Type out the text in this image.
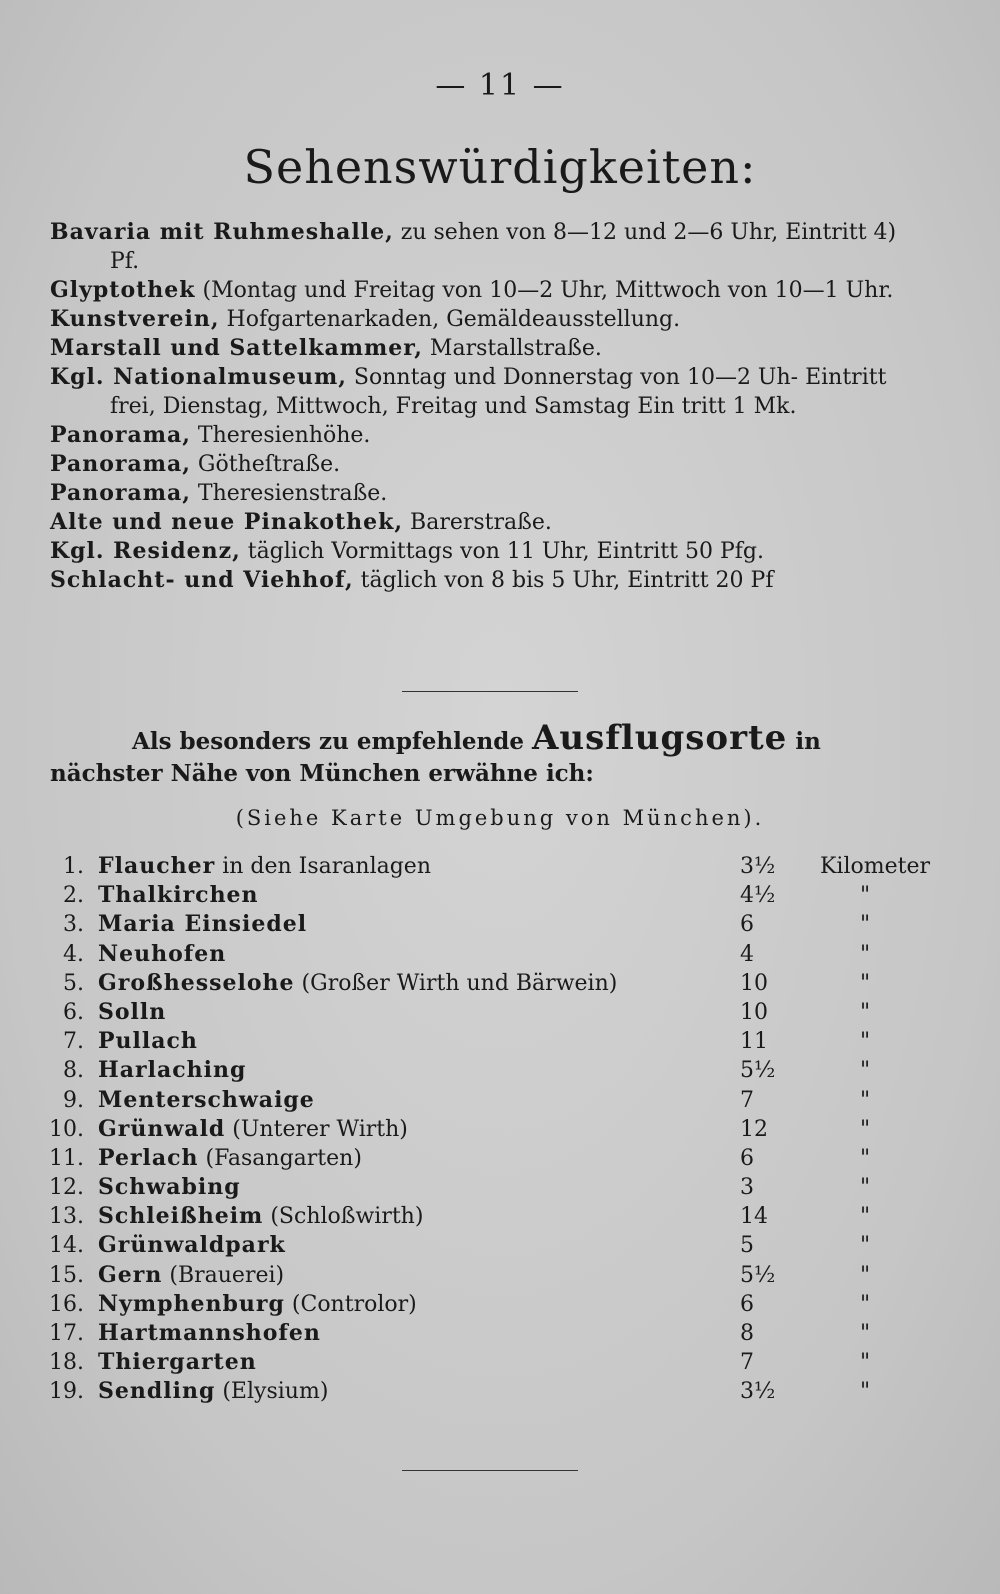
— 11 —
Sehenswürdigkeiten:

Bavaria mit Ruhmeshalle, zu sehen von 8—12 und 2—6 Uhr, Eintritt 4) Pf.

Glyptothek (Montag und Freitag von 10—2 Uhr, Mittwoch von 10—1 Uhr.

Kunstverein, Hofgartenarkaden, Gemäldeausstellung.

Marstall und Sattelkammer, Marstallstraße.

Kgl. Nationalmuseum, Sonntag und Donnerstag von 10—2 Uh- Eintritt frei, Dienstag, Mittwoch, Freitag und Samstag Ein tritt 1 Mk.

Panorama, Theresienhöhe.

Panorama, Götheſtraße.

Panorama, Theresienstraße.

Alte und neue Pinakothek, Barerstraße.

Kgl. Residenz, täglich Vormittags von 11 Uhr, Eintritt 50 Pfg.

Schlacht- und Viehhof, täglich von 8 bis 5 Uhr, Eintritt 20 Pf

Als besonders zu empfehlende Ausflugsorte in
nächster Nähe von München erwähne ich:
(Siehe Karte Umgebung von München).
1. Flaucher in den Isaranlagen	3½	Kilometer
2. Thalkirchen	4½	"
3. Maria Einsiedel	6	"
4. Neuhofen	4	"
5. Großhesselohe (Großer Wirth und Bärwein)	10	"
6. Solln	10	"
7. Pullach	11	"
8. Harlaching	5½	"
9. Menterschwaige	7	"
10. Grünwald (Unterer Wirth)	12	"
11. Perlach (Fasangarten)	6	"
12. Schwabing	3	"
13. Schleißheim (Schloßwirth)	14	"
14. Grünwaldpark	5	"
15. Gern (Brauerei)	5½	"
16. Nymphenburg (Controlor)	6	"
17. Hartmannshofen	8	"
18. Thiergarten	7	"
19. Sendling (Elysium)	3½	"
